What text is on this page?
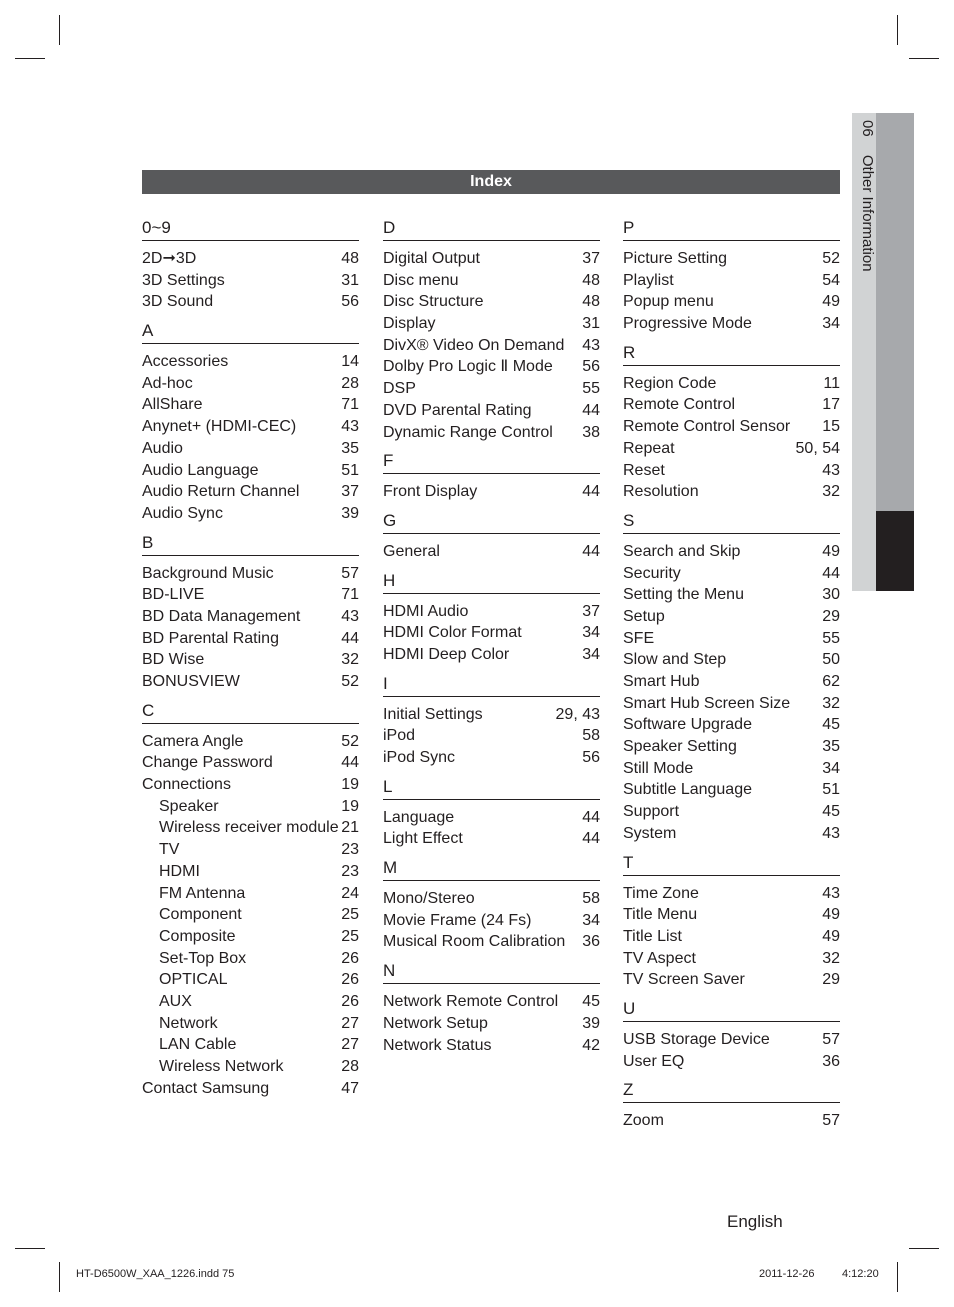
06 Other Information
Index
0~9
2D➞3D	48
3D Settings	31
3D Sound	56
A
Accessories	14
Ad-hoc	28
AllShare	71
Anynet+ (HDMI-CEC)	43
Audio	35
Audio Language	51
Audio Return Channel	37
Audio Sync	39
B
Background Music	57
BD-LIVE	71
BD Data Management	43
BD Parental Rating	44
BD Wise	32
BONUSVIEW	52
C
Camera Angle	52
Change Password	44
Connections	19
Speaker	19
Wireless receiver module 21
TV	23
HDMI	23
FM Antenna	24
Component	25
Composite	25
Set-Top Box	26
OPTICAL	26
AUX	26
Network	27
LAN Cable	27
Wireless Network	28
Contact Samsung	47
D
Digital Output	37
Disc menu	48
Disc Structure	48
Display	31
DivX® Video On Demand 43
Dolby Pro Logic Ⅱ Mode 56
DSP	55
DVD Parental Rating	44
Dynamic Range Control 38
F
Front Display	44
G
General	44
H
HDMI Audio	37
HDMI Color Format	34
HDMI Deep Color	34
I
Initial Settings	29, 43
iPod	58
iPod Sync	56
L
Language	44
Light Effect	44
M
Mono/Stereo	58
Movie Frame (24 Fs)	34
Musical Room Calibration 36
N
Network Remote Control 45
Network Setup	39
Network Status	42
P
Picture Setting	52
Playlist	54
Popup menu	49
Progressive Mode	34
R
Region Code	11
Remote Control	17
Remote Control Sensor 15
Repeat	50, 54
Reset	43
Resolution	32
S
Search and Skip	49
Security	44
Setting the Menu	30
Setup	29
SFE	55
Slow and Step	50
Smart Hub	62
Smart Hub Screen Size 32
Software Upgrade	45
Speaker Setting	35
Still Mode	34
Subtitle Language	51
Support	45
System	43
T
Time Zone	43
Title Menu	49
Title List	49
TV Aspect	32
TV Screen Saver	29
U
USB Storage Device	57
User EQ	36
Z
Zoom	57
English
HT-D6500W_XAA_1226.indd 75	2011-12-26	4:12:20
